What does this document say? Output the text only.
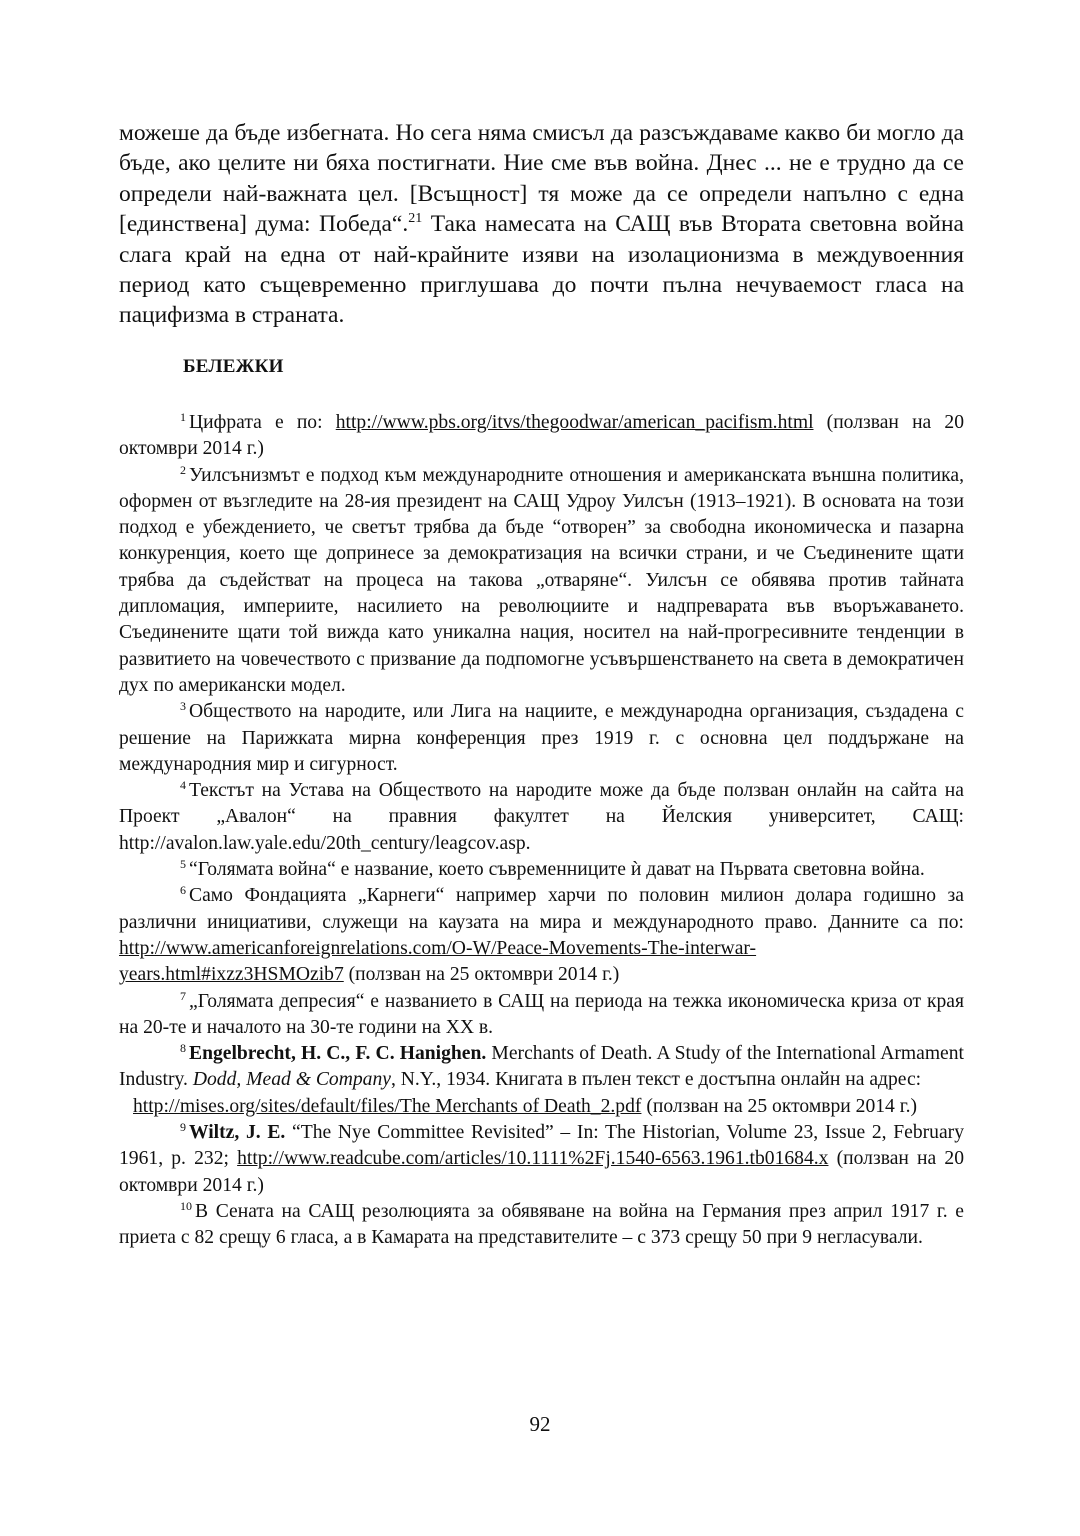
можеше да бъде избегната. Но сега няма смисъл да разсъждаваме какво би могло да бъде, ако целите ни бяха постигнати. Ние сме във война. Днес ... не е трудно да се определи най-важната цел. [Всъщност] тя може да се определи напълно с една [единствена] дума: Победа“.$^{21}$ Така намесата на САЩ във Втората световна война слага край на една от най-крайните изяви на изолационизма в междувоенния период като същевременно приглушава до почти пълна нечуваемост гласа на пацифизма в страната.

БЕЛЕЖКИ

$^1$ Цифрата е по: http://www.pbs.org/itvs/thegoodwar/american_pacifism.html (ползван на 20 октомври 2014 г.)

$^2$ Уилсънизмът е подход към международните отношения и американската външна политика, оформен от възгледите на 28-ия президент на САЩ Удроу Уилсън (1913–1921). В основата на този подход е убеждението, че светът трябва да бъде “отворен” за свободна икономическа и пазарна конкуренция, което ще допринесе за демократизация на всички страни, и че Съединените щати трябва да съдействат на процеса на такова „отваряне“. Уилсън се обявява против тайната дипломация, империите, насилието на революциите и надпреварата във въоръжаването. Съединените щати той вижда като уникална нация, носител на най-прогресивните тенденции в развитието на човечеството с призвание да подпомогне усъвършенстването на света в демократичен дух по американски модел.

$^3$ Обществото на народите, или Лига на нациите, е международна организация, създадена с решение на Парижката мирна конференция през 1919 г. с основна цел поддържане на международния мир и сигурност.

$^4$ Текстът на Устава на Обществото на народите може да бъде ползван онлайн на сайта на Проект „Авалон“ на правния факултет на Йелския университет, САЩ: http://avalon.law.yale.edu/20th_century/leagcov.asp.

$^5$ “Голямата война“ е название, което съвременниците ѝ дават на Първата световна война.

$^6$ Само Фондацията „Карнеги“ например харчи по половин милион долара годишно за различни инициативи, служещи на каузата на мира и международното право. Данните са по: http://www.americanforeignrelations.com/O-W/Peace-Movements-The-interwar-years.html#ixzz3HSMOzib7 (ползван на 25 октомври 2014 г.)

$^7$ „Голямата депресия“ е названието в САЩ на периода на тежка икономическа криза от края на 20-те и началото на 30-те години на XX в.

$^8$ Engelbrecht, H. C., F. C. Hanighen. Merchants of Death. A Study of the International Armament Industry. Dodd, Mead & Company, N.Y., 1934. Книгата в пълен текст е достъпна онлайн на адрес:
http://mises.org/sites/default/files/The Merchants of Death_2.pdf (ползван на 25 октомври 2014 г.)

$^9$ Wiltz, J. E. “The Nye Committee Revisited” – In: The Historian, Volume 23, Issue 2, February 1961, p. 232; http://www.readcube.com/articles/10.1111%2Fj.1540-6563.1961.tb01684.x (ползван на 20 октомври 2014 г.)

$^{10}$ В Сената на САЩ резолюцията за обявяване на война на Германия през април 1917 г. е приета с 82 срещу 6 гласа, а в Камарата на представителите – с 373 срещу 50 при 9 негласували.

92
